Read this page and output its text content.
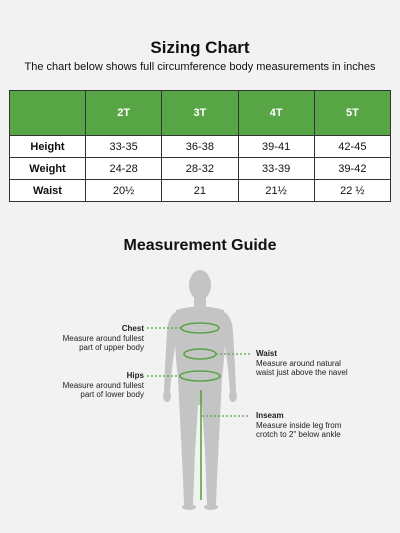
Sizing Chart
The chart below shows full circumference body measurements in inches
	2T	3T	4T	5T
Height	33-35	36-38	39-41	42-45
Weight	24-28	28-32	33-39	39-42
Waist	20½	21	21½	22 ½
Measurement Guide
Chest
Measure around fullest
part of upper body
Hips
Measure around fullest
part of lower body
Waist
Measure around natural
waist just above the navel
Inseam
Measure inside leg from
crotch to 2" below ankle
